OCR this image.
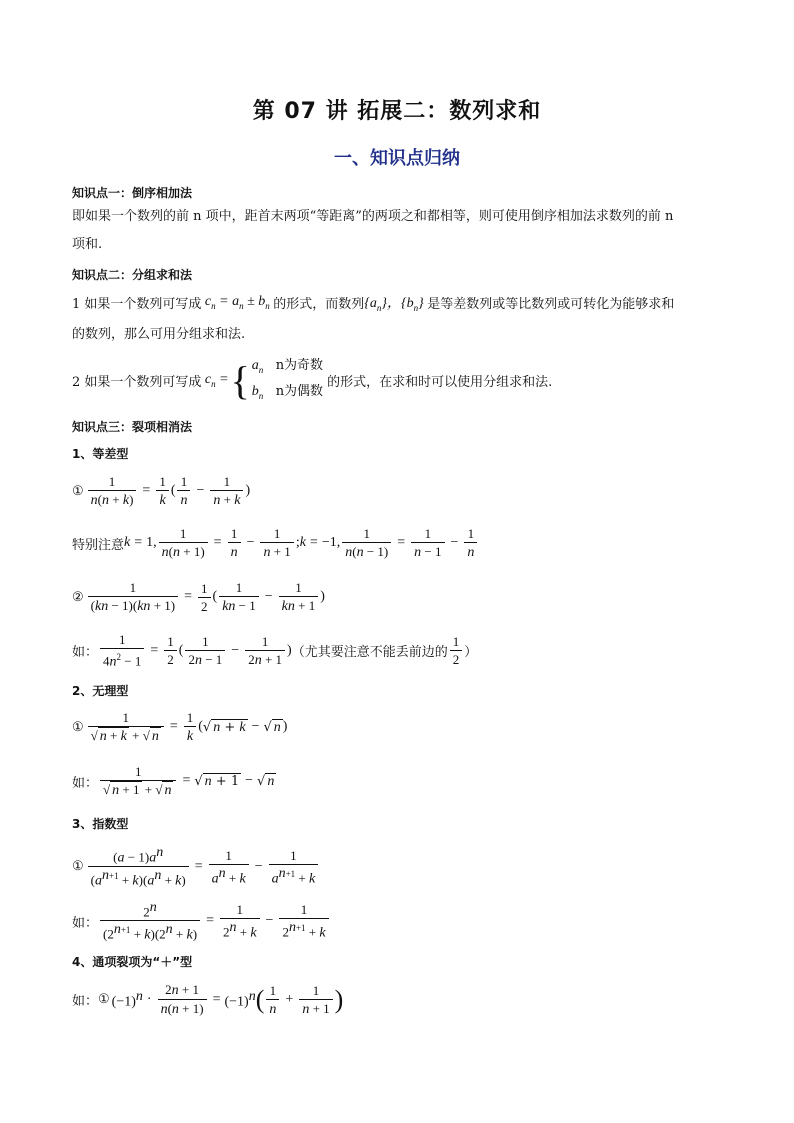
第 07 讲 拓展二：数列求和
一、知识点归纳
知识点一：倒序相加法
即如果一个数列的前 n 项中，距首末两项“等距离”的两项之和都相等，则可使用倒序相加法求数列的前 n
项和.
知识点二：分组求和法
1 如果一个数列可写成 $c_n = a_n \pm b_n$ 的形式，而数列 $\{a_n\}$，$\{b_n\}$ 是等差数列或等比数列或可转化为能够求和
的数列，那么可用分组求和法.
2 如果一个数列可写成 $c_n$ = { $a_n$ n为奇数
$b_n$ n为偶数
的形式，在求和时可以使用分组求和法.
知识点三：裂项相消法
1、等差型
① $\frac{1}{n(n + k)} = \frac{1}{k}$ ( $\frac{1}{n} - \frac{1}{n + k}$ )
特别注意 k = 1, $\frac{1}{n(n + 1)} = \frac{1}{n} - \frac{1}{n + 1}$ ; k = −1, $\frac{1}{n(n - 1)} = \frac{1}{n - 1} - \frac{1}{n}$
② $\frac{1}{(kn - 1)(kn + 1)} = \frac{1}{2}$ ( $\frac{1}{kn - 1} - \frac{1}{kn + 1}$ )
如： $\frac{1}{4n^2 - 1} = \frac{1}{2}$ ( $\frac{1}{2n - 1} - \frac{1}{2n + 1}$ ) （尤其要注意不能丢前边的 $\frac{1}{2}$ ）
2、无理型
① $\frac{1}{√ n + k + √ n} = \frac{1}{k}$ ( √ n + k − √ n )
如： $\frac{1}{√ n + 1 + √ n}$ = √ n + 1 − √ n
3、指数型
① $\frac{(a - 1)a^n}{(a^{n+1} + k)(a^n + k)} = \frac{1}{a^n + k} - \frac{1}{a^{n+1} + k}$
如： $\frac{2^n}{(2^{n+1} + k)(2^n + k)} = \frac{1}{2^n + k} - \frac{1}{2^{n+1} + k}$
4、通项裂项为“＋”型
如： ① $(-1)^n \cdot \frac{2n + 1}{n(n + 1)} = (-1)^n$ ( $\frac{1}{n} + \frac{1}{n + 1}$ )
